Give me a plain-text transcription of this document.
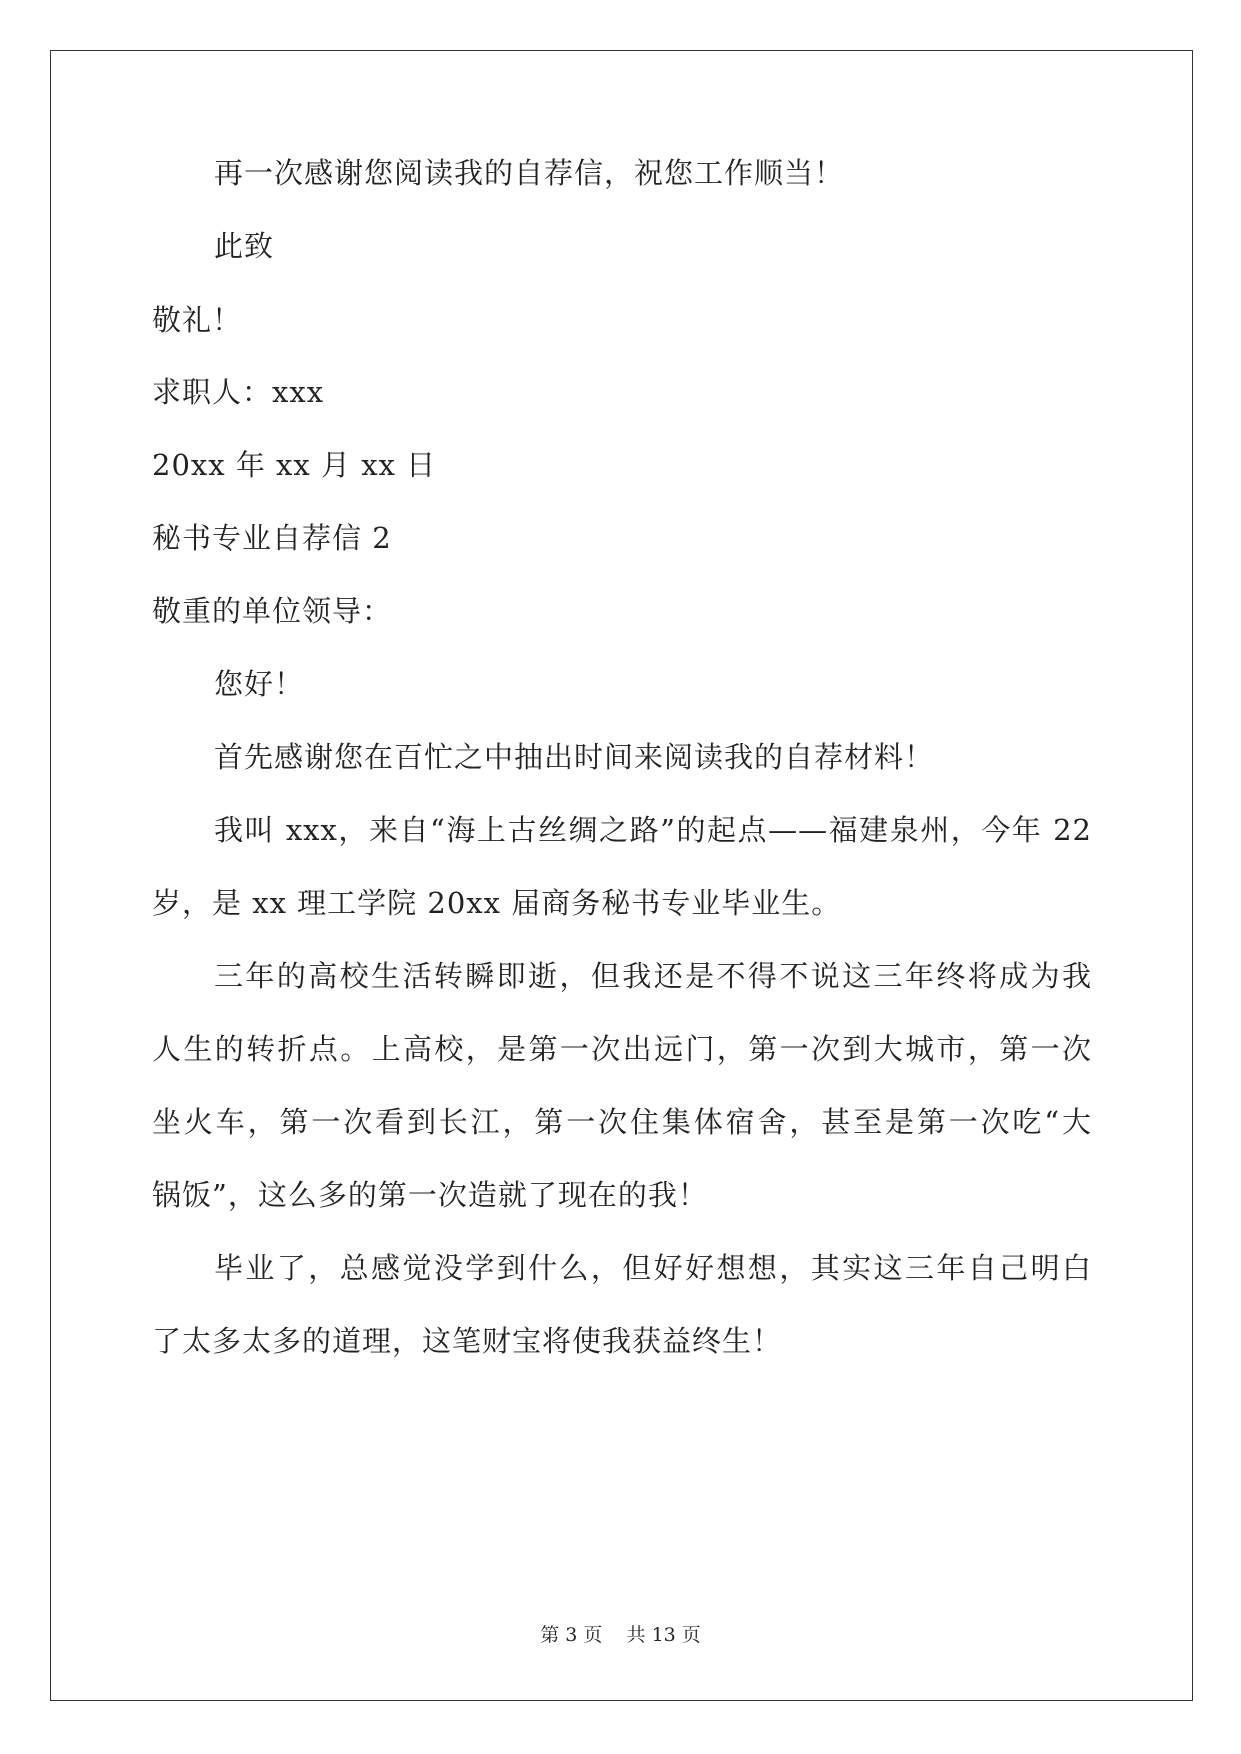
再一次感谢您阅读我的自荐信，祝您工作顺当！
此致
敬礼！
求职人：xxx
20xx 年 xx 月 xx 日
秘书专业自荐信 2
敬重的单位领导：
您好！
首先感谢您在百忙之中抽出时间来阅读我的自荐材料！
我叫 xxx，来自“海上古丝绸之路”的起点——福建泉州，今年 22
岁，是 xx 理工学院 20xx 届商务秘书专业毕业生。
三年的高校生活转瞬即逝，但我还是不得不说这三年终将成为我
人生的转折点。上高校，是第一次出远门，第一次到大城市，第一次
坐火车，第一次看到长江，第一次住集体宿舍，甚至是第一次吃“大
锅饭”，这么多的第一次造就了现在的我！
毕业了，总感觉没学到什么，但好好想想，其实这三年自己明白
了太多太多的道理，这笔财宝将使我获益终生！
第 3 页    共 13 页
